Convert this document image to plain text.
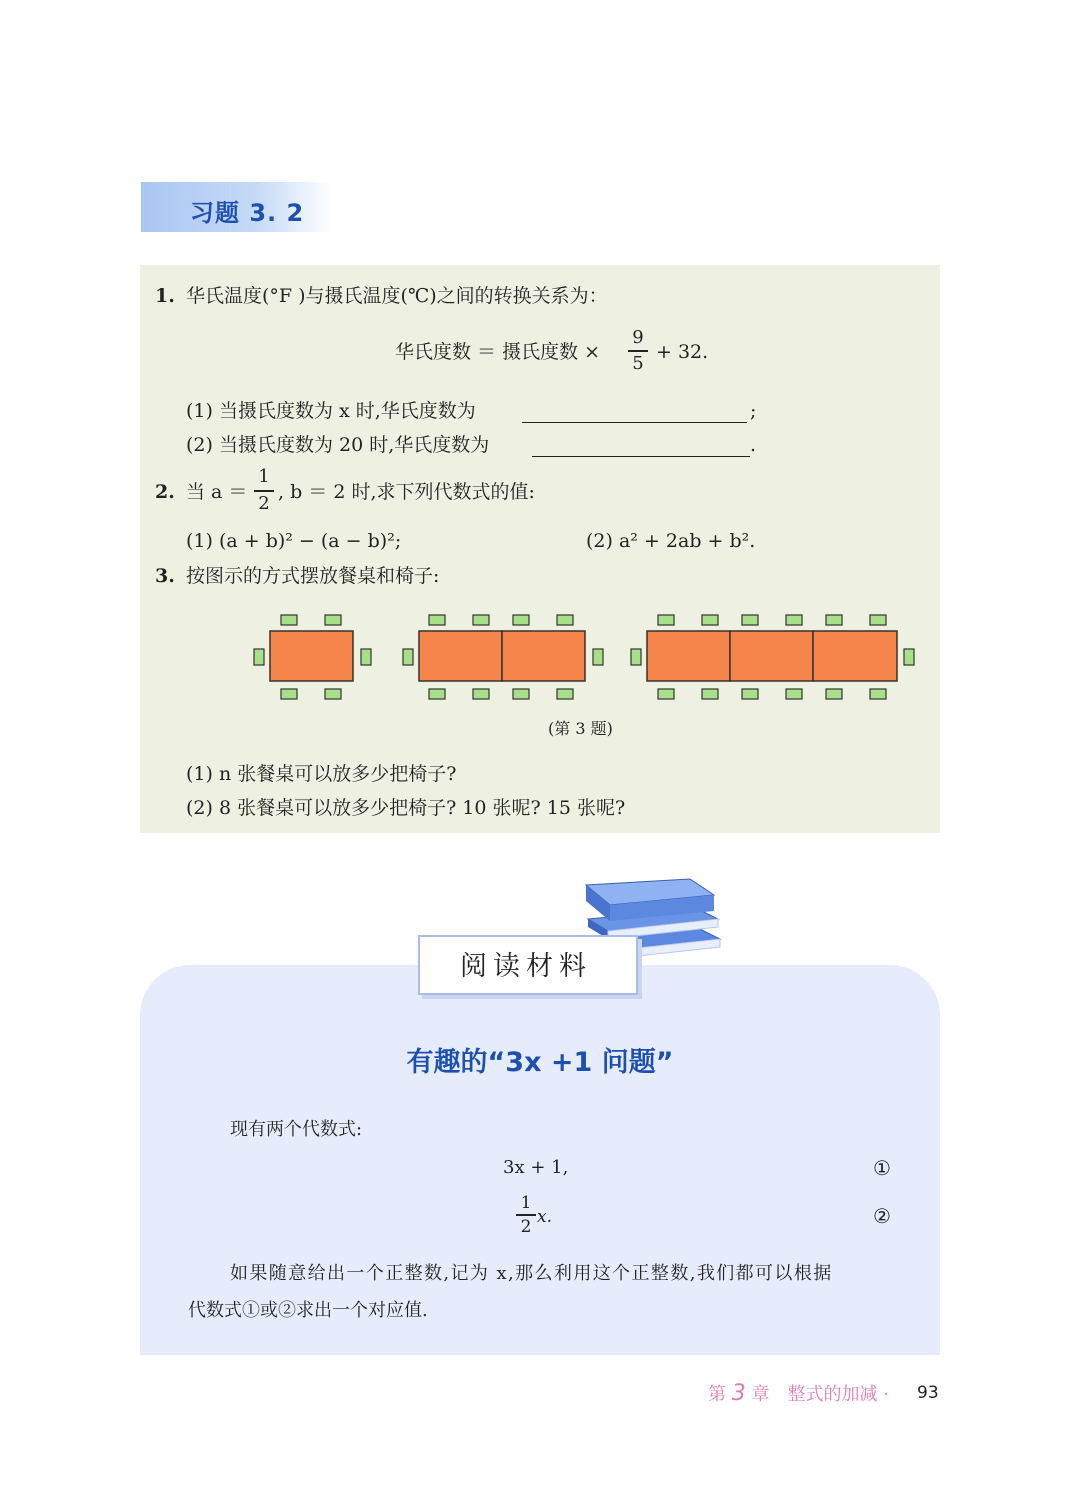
习题 3. 2
1. 华氏温度(°F )与摄氏温度(℃)之间的转换关系为：
华氏度数 ＝ 摄氏度数 ×
9
5
+ 32.
(1) 当摄氏度数为 x 时,华氏度数为	;
(2) 当摄氏度数为 20 时,华氏度数为	.
2. 当 a ＝
1
2
, b ＝ 2 时,求下列代数式的值:
(1) (a + b)² − (a − b)²;	(2) a² + 2ab + b².
3. 按图示的方式摆放餐桌和椅子:
(第 3 题)
(1) n 张餐桌可以放多少把椅子?
(2) 8 张餐桌可以放多少把椅子? 10 张呢? 15 张呢?
阅读材料
有趣的“3x +1 问题”
现有两个代数式:
3x + 1,	①
1
2 x.	②
如果随意给出一个正整数,记为 x,那么利用这个正整数,我们都可以根据
代数式①或②求出一个对应值.
第 3 章　整式的加减 · 93
